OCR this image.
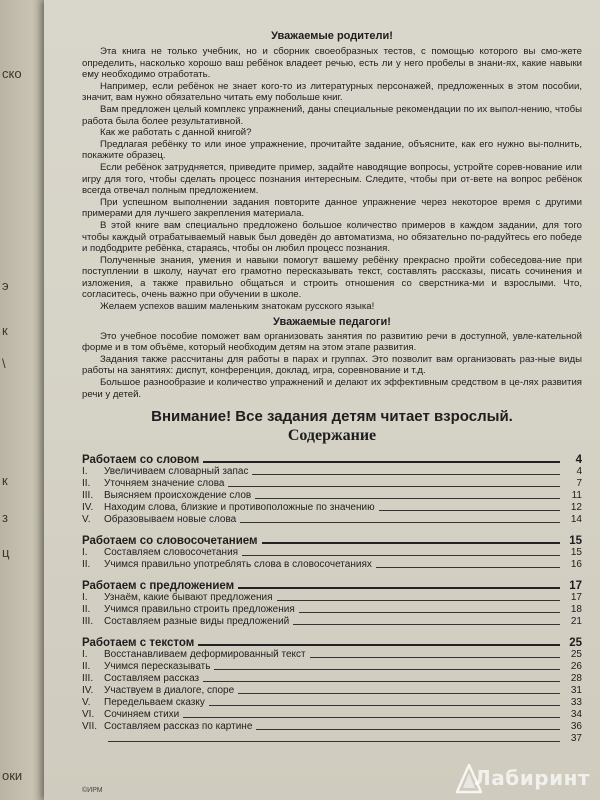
ско
э
к
\
к
з
ц
оки
Уважаемые родители!

Эта книга не только учебник, но и сборник своеобразных тестов, с помощью которого вы смо-жете определить, насколько хорошо ваш ребёнок владеет речью, есть ли у него пробелы в знани-ях, какие навыки ему необходимо отработать.

Например, если ребёнок не знает кого-то из литературных персонажей, предложенных в этом пособии, значит, вам нужно обязательно читать ему побольше книг.

Вам предложен целый комплекс упражнений, даны специальные рекомендации по их выпол-нению, чтобы работа была более результативной.

Как же работать с данной книгой?

Предлагая ребёнку то или иное упражнение, прочитайте задание, объясните, как его нужно вы-полнить, покажите образец.

Если ребёнок затрудняется, приведите пример, задайте наводящие вопросы, устройте сорев-нование или игру для того, чтобы сделать процесс познания интересным. Следите, чтобы при от-вете на вопрос ребёнок всегда отвечал полным предложением.

При успешном выполнении задания повторите данное упражнение через некоторое время с другими примерами для лучшего закрепления материала.

В этой книге вам специально предложено большое количество примеров в каждом задании, для того чтобы каждый отрабатываемый навык был доведён до автоматизма, но обязательно по-радуйтесь его победе и подбодрите ребёнка, стараясь, чтобы он любил процесс познания.

Полученные знания, умения и навыки помогут вашему ребёнку прекрасно пройти собеседова-ние при поступлении в школу, научат его грамотно пересказывать текст, составлять рассказы, писать сочинения и изложения, а также правильно общаться и строить отношения со сверстника-ми и взрослыми. Что, согласитесь, очень важно при обучении в школе.

Желаем успехов вашим маленьким знатокам русского языка!

Уважаемые педагоги!

Это учебное пособие поможет вам организовать занятия по развитию речи в доступной, увле-кательной форме и в том объёме, который необходим детям на этом этапе развития.

Задания также рассчитаны для работы в парах и группах. Это позволит вам организовать раз-ные виды работы на занятиях: диспут, конференция, доклад, игра, соревнование и т.д.

Большое разнообразие и количество упражнений и делают их эффективным средством в це-лях развития речи у детей.

Внимание! Все задания детям читает взрослый.
Содержание
Работаем со словом	4
I.	Увеличиваем словарный запас	4
II.	Уточняем значение слова	7
III.	Выясняем происхождение слов	11
IV.	Находим слова, близкие и противоположные по значению	12
V.	Образовываем новые слова	14
Работаем со словосочетанием	15
I.	Составляем словосочетания	15
II.	Учимся правильно употреблять слова в словосочетаниях	16
Работаем с предложением	17
I.	Узнаём, какие бывают предложения	17
II.	Учимся правильно строить предложения	18
III.	Составляем разные виды предложений	21
Работаем с текстом	25
I.	Восстанавливаем деформированный текст	25
II.	Учимся пересказывать	26
III.	Составляем рассказ	28
IV.	Участвуем в диалоге, споре	31
V.	Передельваем сказку	33
VI. Сочиняем стихи	34
VII. Составляем рассказ по картине	36
37
©ИРМ
Лабиринт
